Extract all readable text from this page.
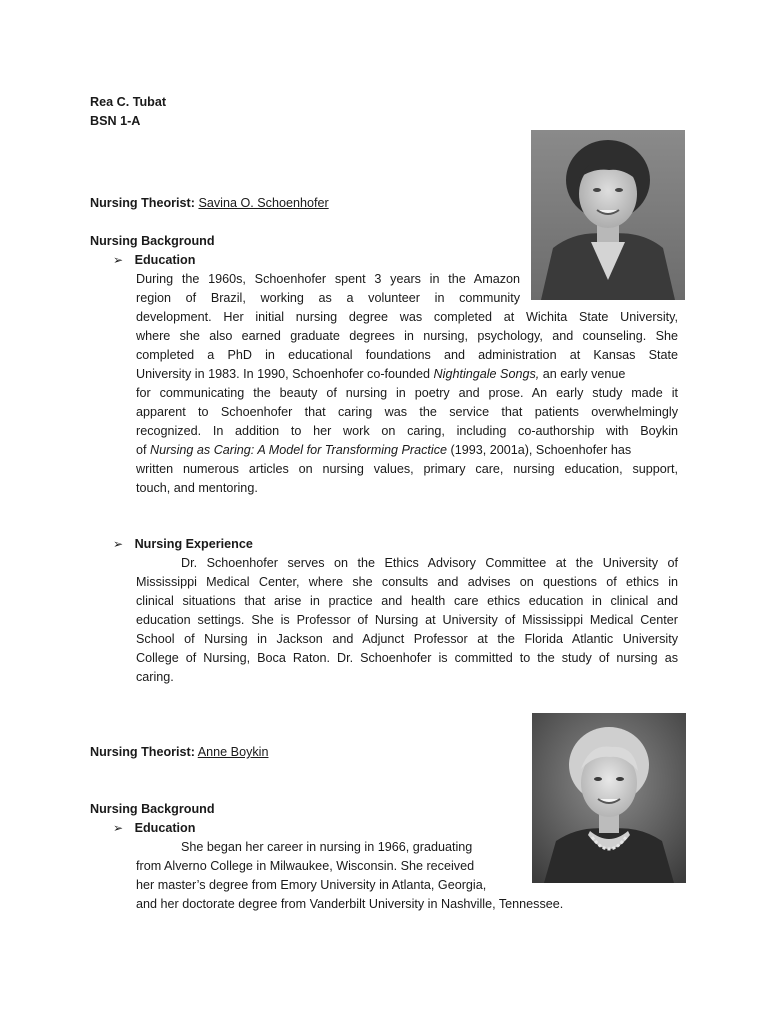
Rea C. Tubat
BSN 1-A
Nursing Theorist: Savina O. Schoenhofer
Nursing Background
➢ Education
During the 1960s, Schoenhofer spent 3 years in the Amazon
region of Brazil, working as a volunteer in community
development. Her initial nursing degree was completed at Wichita State University,
where she also earned graduate degrees in nursing, psychology, and counseling. She
completed a PhD in educational foundations and administration at Kansas State
University in 1983. In 1990, Schoenhofer co-founded Nightingale Songs, an early venue
for communicating the beauty of nursing in poetry and prose. An early study made it
apparent to Schoenhofer that caring was the service that patients overwhelmingly
recognized. In addition to her work on caring, including co-authorship with Boykin
of Nursing as Caring: A Model for Transforming Practice (1993, 2001a), Schoenhofer has
written numerous articles on nursing values, primary care, nursing education, support,
touch, and mentoring.
➢ Nursing Experience
Dr. Schoenhofer serves on the Ethics Advisory Committee at the University of
Mississippi Medical Center, where she consults and advises on questions of ethics in
clinical situations that arise in practice and health care ethics education in clinical and
education settings. She is Professor of Nursing at University of Mississippi Medical Center
School of Nursing in Jackson and Adjunct Professor at the Florida Atlantic University
College of Nursing, Boca Raton. Dr. Schoenhofer is committed to the study of nursing as
caring.
Nursing Theorist: Anne Boykin
Nursing Background
➢ Education
She began her career in nursing in 1966, graduating
from Alverno College in Milwaukee, Wisconsin. She received
her master’s degree from Emory University in Atlanta, Georgia,
and her doctorate degree from Vanderbilt University in Nashville, Tennessee.
